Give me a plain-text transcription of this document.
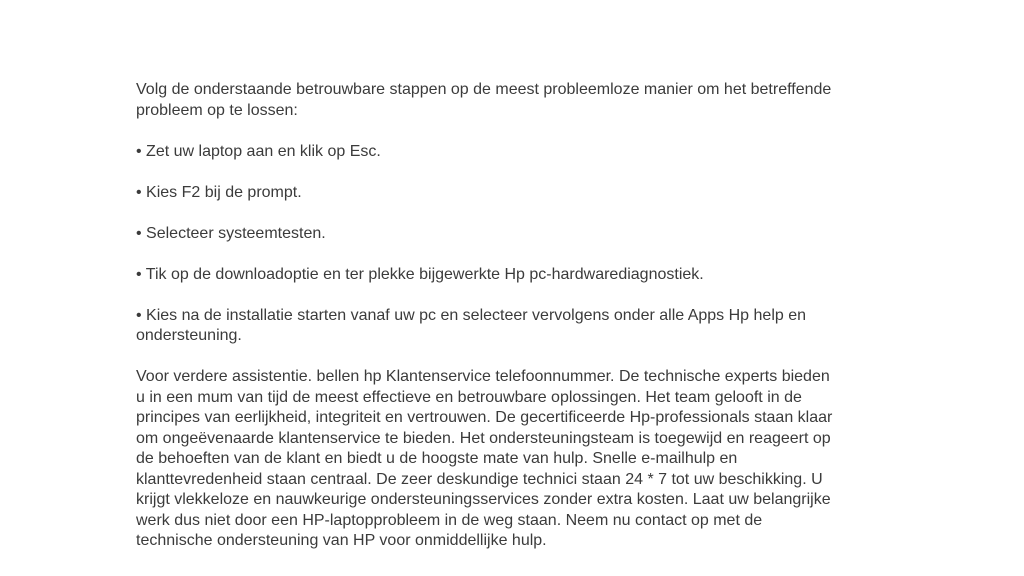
Volg de onderstaande betrouwbare stappen op de meest probleemloze manier om het betreffende probleem op te lossen:

• Zet uw laptop aan en klik op Esc.

• Kies F2 bij de prompt.

• Selecteer systeemtesten.

• Tik op de downloadoptie en ter plekke bijgewerkte Hp pc-hardwarediagnostiek.

• Kies na de installatie starten vanaf uw pc en selecteer vervolgens onder alle Apps Hp help en ondersteuning.

Voor verdere assistentie. bellen hp Klantenservice telefoonnummer. De technische experts bieden u in een mum van tijd de meest effectieve en betrouwbare oplossingen. Het team gelooft in de principes van eerlijkheid, integriteit en vertrouwen. De gecertificeerde Hp-professionals staan klaar om ongeëvenaarde klantenservice te bieden. Het ondersteuningsteam is toegewijd en reageert op de behoeften van de klant en biedt u de hoogste mate van hulp. Snelle e-mailhulp en klanttevredenheid staan centraal. De zeer deskundige technici staan 24 * 7 tot uw beschikking. U krijgt vlekkeloze en nauwkeurige ondersteuningsservices zonder extra kosten. Laat uw belangrijke werk dus niet door een HP-laptopprobleem in de weg staan. Neem nu contact op met de technische ondersteuning van HP voor onmiddellijke hulp.
